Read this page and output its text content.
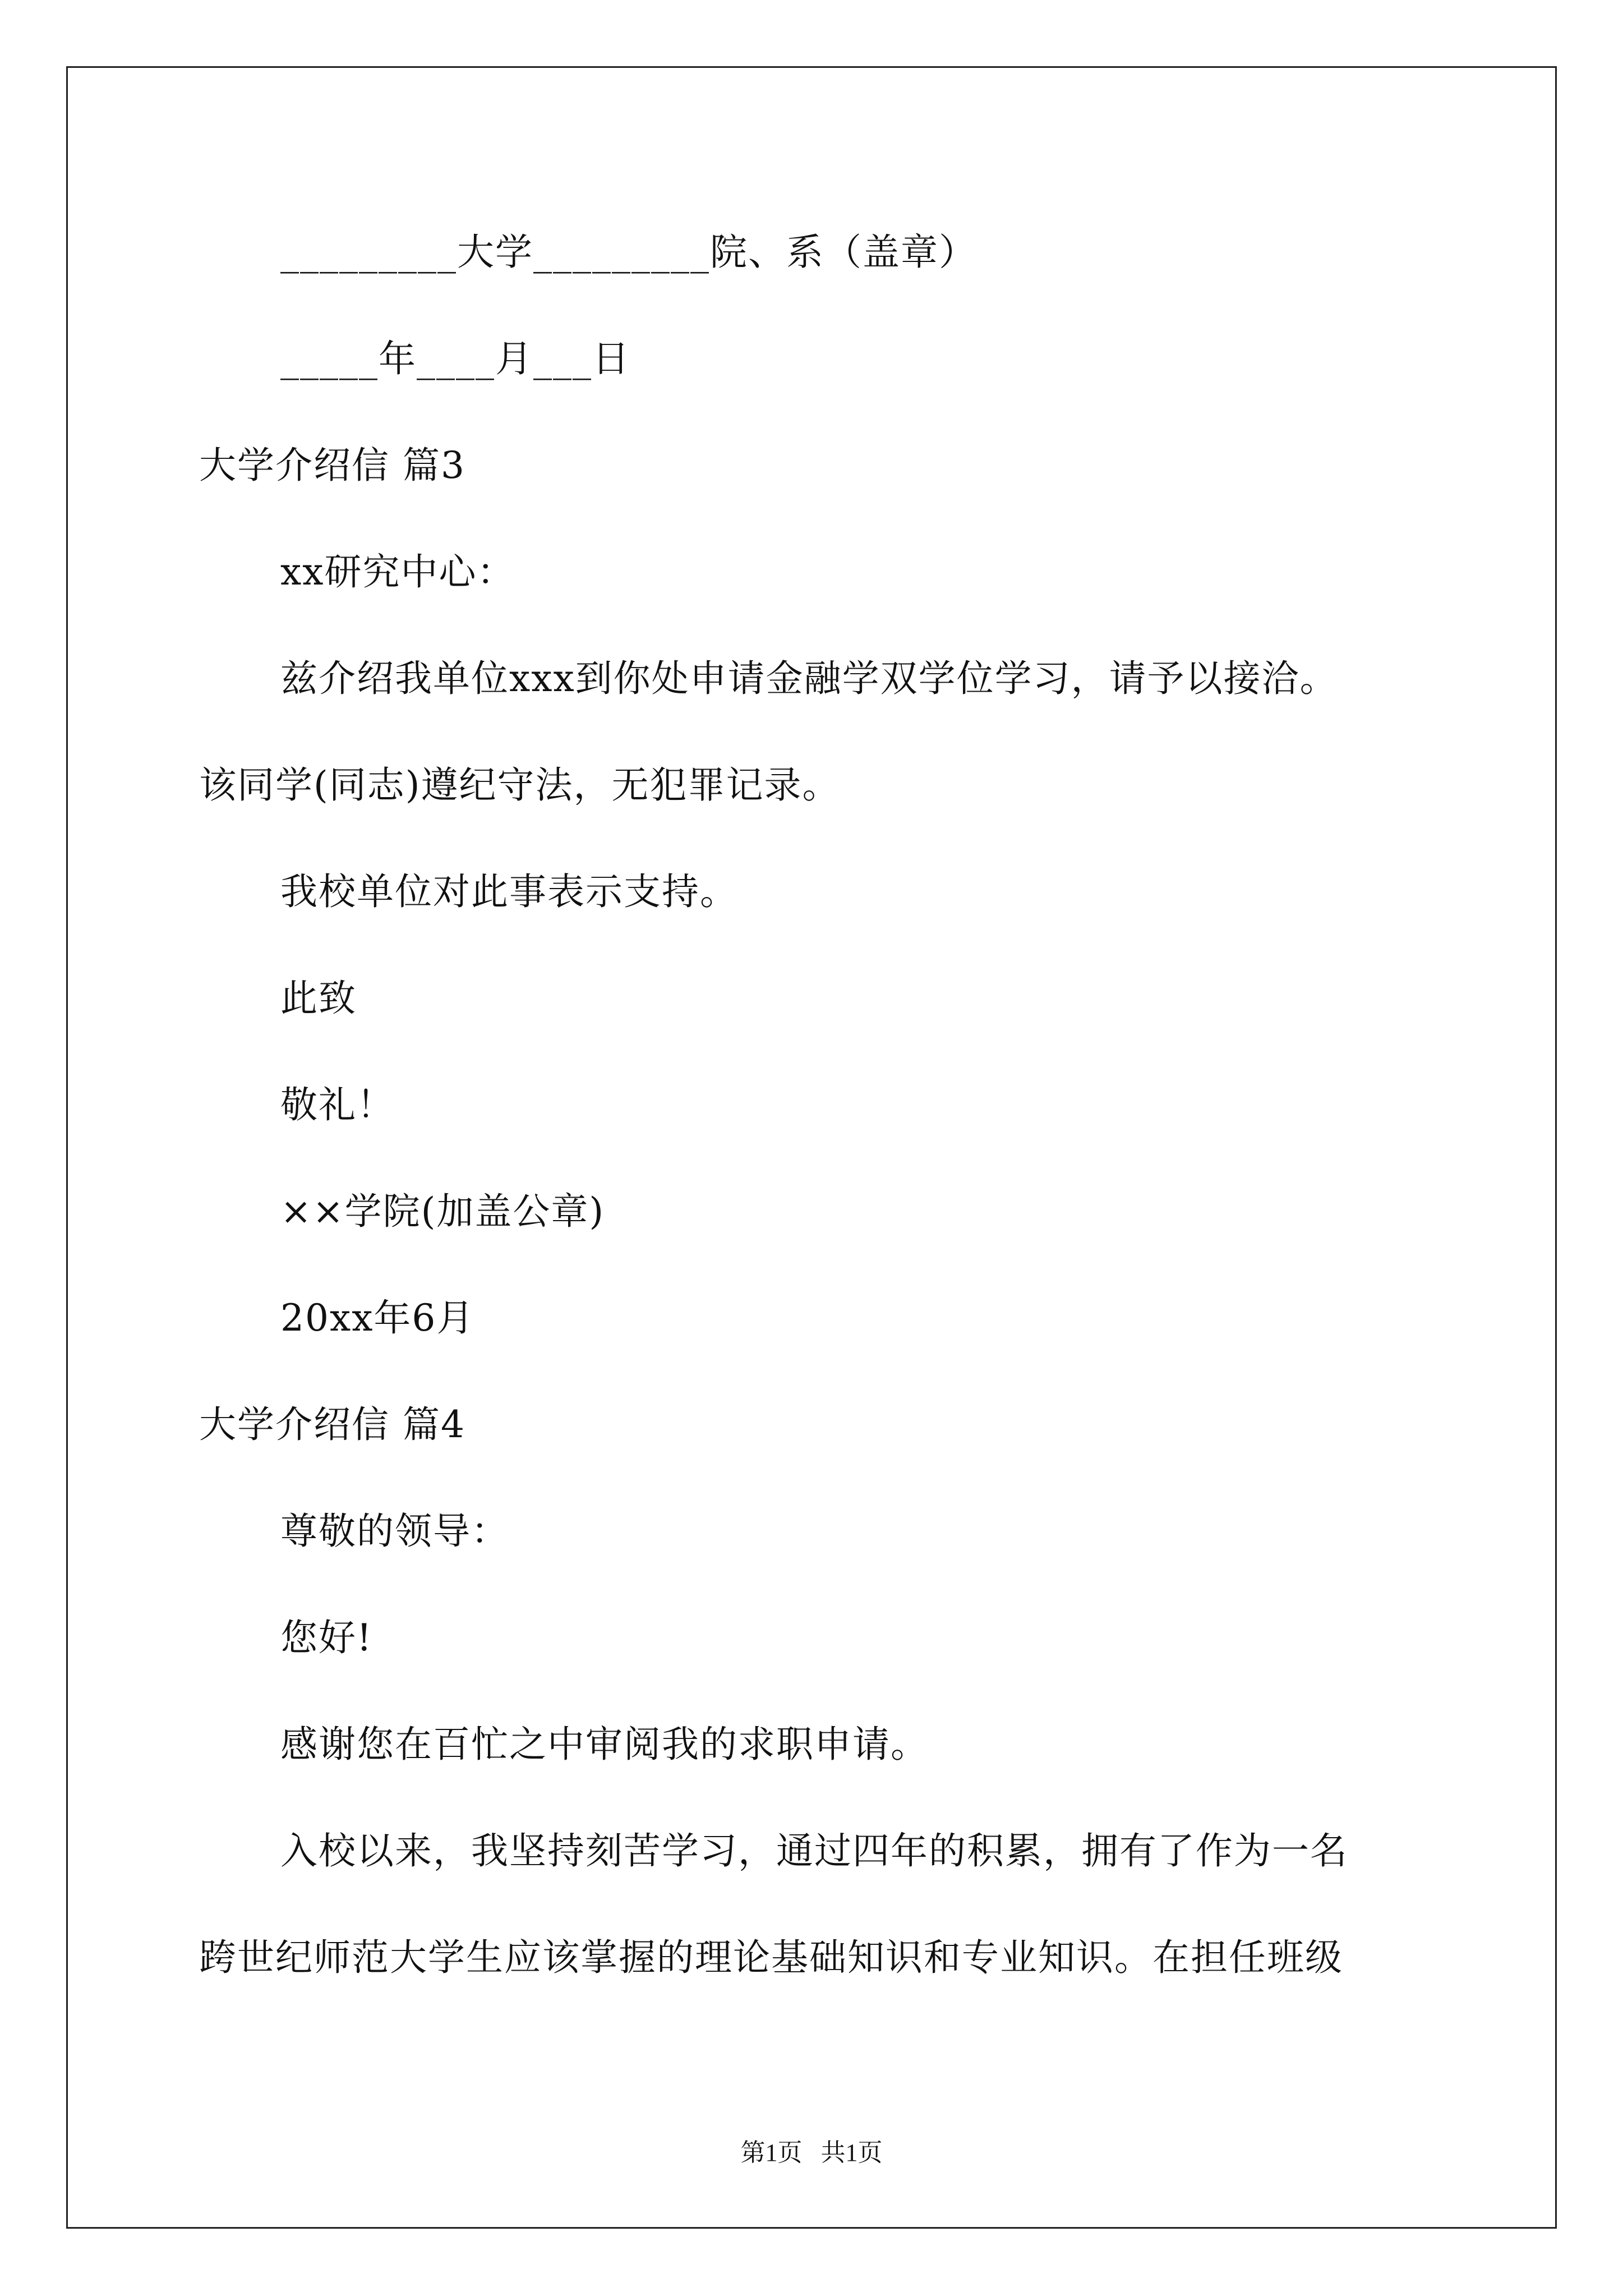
_________大学_________院、系（盖章）
_____年____月___日
大学介绍信 篇3
xx研究中心：
兹介绍我单位xxx到你处申请金融学双学位学习，请予以接洽。
该同学(同志)遵纪守法，无犯罪记录。
我校单位对此事表示支持。
此致
敬礼！
××学院(加盖公章)
20xx年6月
大学介绍信 篇4
尊敬的领导：
您好!
感谢您在百忙之中审阅我的求职申请。
入校以来，我坚持刻苦学习，通过四年的积累，拥有了作为一名
跨世纪师范大学生应该掌握的理论基础知识和专业知识。在担任班级
第1页   共1页
